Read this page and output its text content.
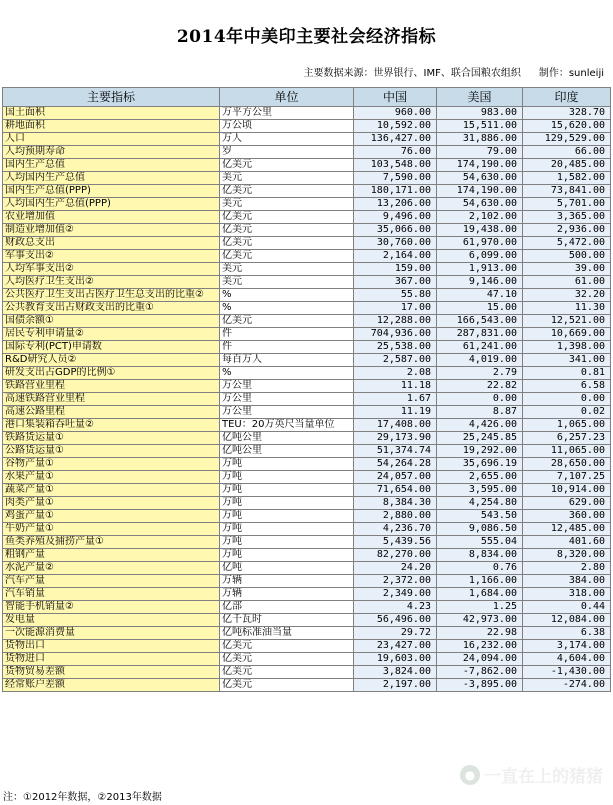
2014年中美印主要社会经济指标
主要数据来源：世界银行、IMF、联合国粮农组织 制作：sunleiji
主要指标	单位	中国	美国	印度
国土面积	万平方公里	960.00	983.00	328.70
耕地面积	万公顷	10,592.00	15,511.00	15,620.00
人口	万人	136,427.00	31,886.00	129,529.00
人均预期寿命	岁	76.00	79.00	66.00
国内生产总值	亿美元	103,548.00	174,190.00	20,485.00
人均国内生产总值	美元	7,590.00	54,630.00	1,582.00
国内生产总值(PPP)	亿美元	180,171.00	174,190.00	73,841.00
人均国内生产总值(PPP)	美元	13,206.00	54,630.00	5,701.00
农业增加值	亿美元	9,496.00	2,102.00	3,365.00
制造业增加值②	亿美元	35,066.00	19,438.00	2,936.00
财政总支出	亿美元	30,760.00	61,970.00	5,472.00
军事支出②	亿美元	2,164.00	6,099.00	500.00
人均军事支出②	美元	159.00	1,913.00	39.00
人均医疗卫生支出②	美元	367.00	9,146.00	61.00
公共医疗卫生支出占医疗卫生总支出的比重②	%	55.80	47.10	32.20
公共教育支出占财政支出的比重①	%	17.00	15.00	11.30
国债余额①	亿美元	12,288.00	166,543.00	12,521.00
居民专利申请量②	件	704,936.00	287,831.00	10,669.00
国际专利(PCT)申请数	件	25,538.00	61,241.00	1,398.00
R&D研究人员②	每百万人	2,587.00	4,019.00	341.00
研发支出占GDP的比例①	%	2.08	2.79	0.81
铁路营业里程	万公里	11.18	22.82	6.58
高速铁路营业里程	万公里	1.67	0.00	0.00
高速公路里程	万公里	11.19	8.87	0.02
港口集装箱吞吐量②	TEU：20万英尺当量单位	17,408.00	4,426.00	1,065.00
铁路货运量①	亿吨公里	29,173.90	25,245.85	6,257.23
公路货运量①	亿吨公里	51,374.74	19,292.00	11,065.00
谷物产量①	万吨	54,264.28	35,696.19	28,650.00
水果产量①	万吨	24,057.00	2,655.00	7,107.25
蔬菜产量①	万吨	71,654.00	3,595.00	10,914.00
肉类产量①	万吨	8,384.30	4,254.80	629.00
鸡蛋产量①	万吨	2,880.00	543.50	360.00
牛奶产量①	万吨	4,236.70	9,086.50	12,485.00
鱼类养殖及捕捞产量①	万吨	5,439.56	555.04	401.60
粗钢产量	万吨	82,270.00	8,834.00	8,320.00
水泥产量②	亿吨	24.20	0.76	2.80
汽车产量	万辆	2,372.00	1,166.00	384.00
汽车销量	万辆	2,349.00	1,684.00	318.00
智能手机销量②	亿部	4.23	1.25	0.44
发电量	亿千瓦时	56,496.00	42,973.00	12,084.00
一次能源消费量	亿吨标准油当量	29.72	22.98	6.38
货物出口	亿美元	23,427.00	16,232.00	3,174.00
货物进口	亿美元	19,603.00	24,094.00	4,604.00
货物贸易差额	亿美元	3,824.00	-7,862.00	-1,430.00
经常账户差额	亿美元	2,197.00	-3,895.00	-274.00
● 一直在上的猪猪
注：①2012年数据，②2013年数据
